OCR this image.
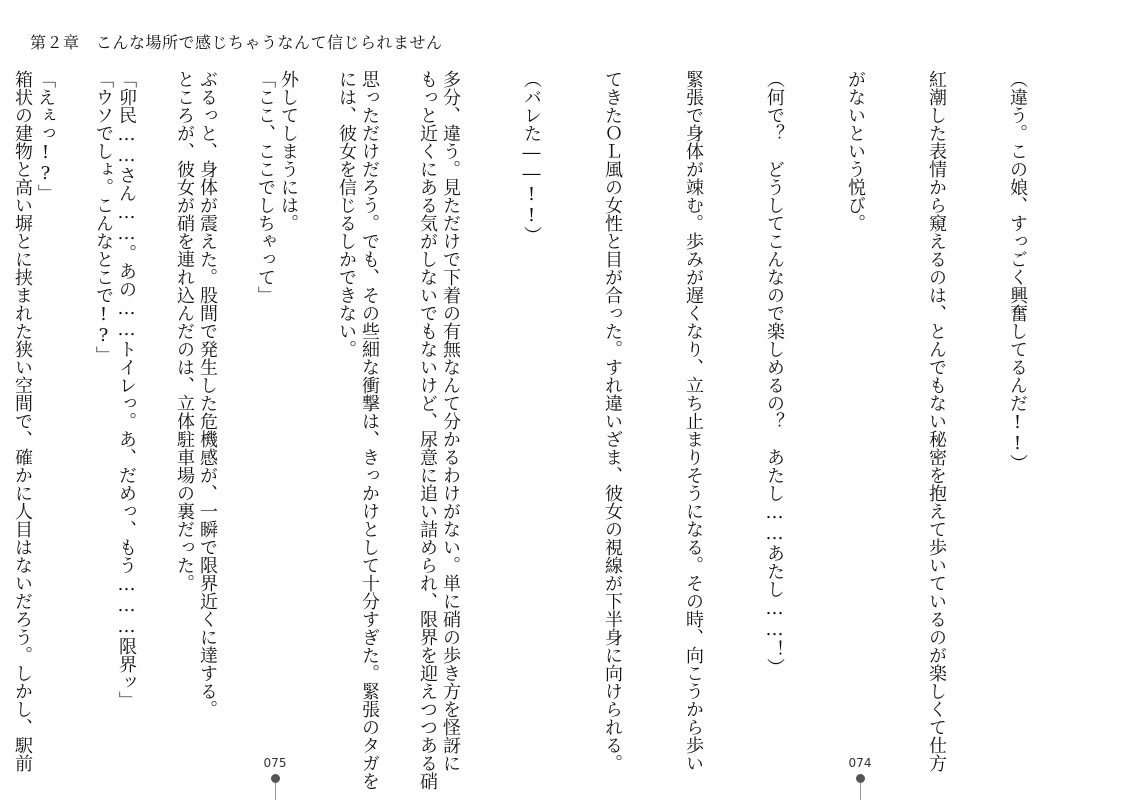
第２章　こんな場所で感じちゃうなんて信じられません

（違う。この娘、すっごく興奮してるんだ!!）

紅潮した表情から窺えるのは、とんでもない秘密を抱えて歩いているのが楽しくて仕方

がないという悦び。

（何で？　どうしてこんなので楽しめるの？　あたし……あたし……！）

緊張で身体が竦む。歩みが遅くなり、立ち止まりそうになる。その時、向こうから歩い

てきたＯＬ風の女性と目が合った。すれ違いざま、彼女の視線が下半身に向けられる。

（バレた――!!）

多分、違う。見ただけで下着の有無なんて分かるわけがない。単に硝の歩き方を怪訝に

思っただけだろう。でも、その些細な衝撃は、きっかけとして十分すぎた。緊張のタガを

外してしまうには。

ぶるっと、身体が震えた。股間で発生した危機感が、一瞬で限界近くに達する。

「卯民……さん……。あの……トイレっ。あ、だめっ、もう………限界ッ」

「えぇっ!?」

	もっと近くにある気がしないでもないけど、尿意に追い詰められ、限界を迎えつつある硝

には、彼女を信じるしかできない。

「ここ、ここでしちゃって」

ところが、彼女が硝を連れ込んだのは、立体駐車場の裏だった。

「ウソでしょ。こんなとこで!?」

箱状の建物と高い塀とに挟まれた狭い空間で、確かに人目はないだろう。しかし、駅前

	075	074
